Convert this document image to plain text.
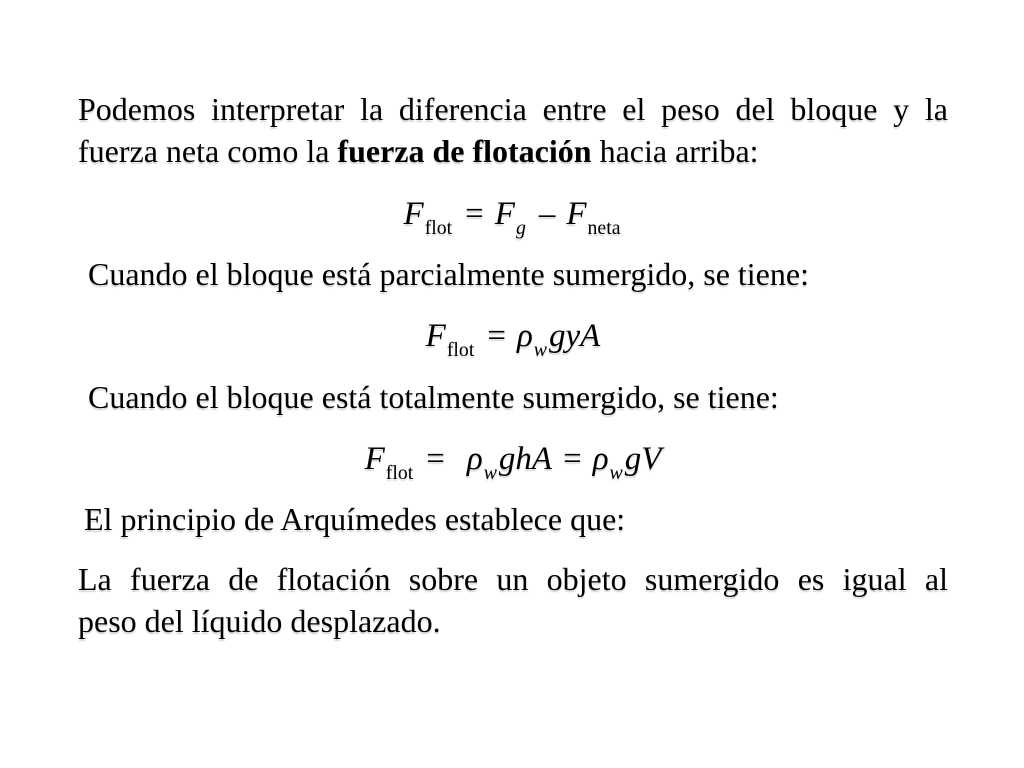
Podemos interpretar la diferencia entre el peso del bloque y la
fuerza neta como la fuerza de flotación hacia arriba:
$F_{flot} = F_g - F_{neta}$
Cuando el bloque está parcialmente sumergido, se tiene:
$F_{flot} = \rho_wgyA$
Cuando el bloque está totalmente sumergido, se tiene:
$F_{flot} = \rho_wghA = \rho_wgV$
El principio de Arquímedes establece que:
La fuerza de flotación sobre un objeto sumergido es igual al
peso del líquido desplazado.
